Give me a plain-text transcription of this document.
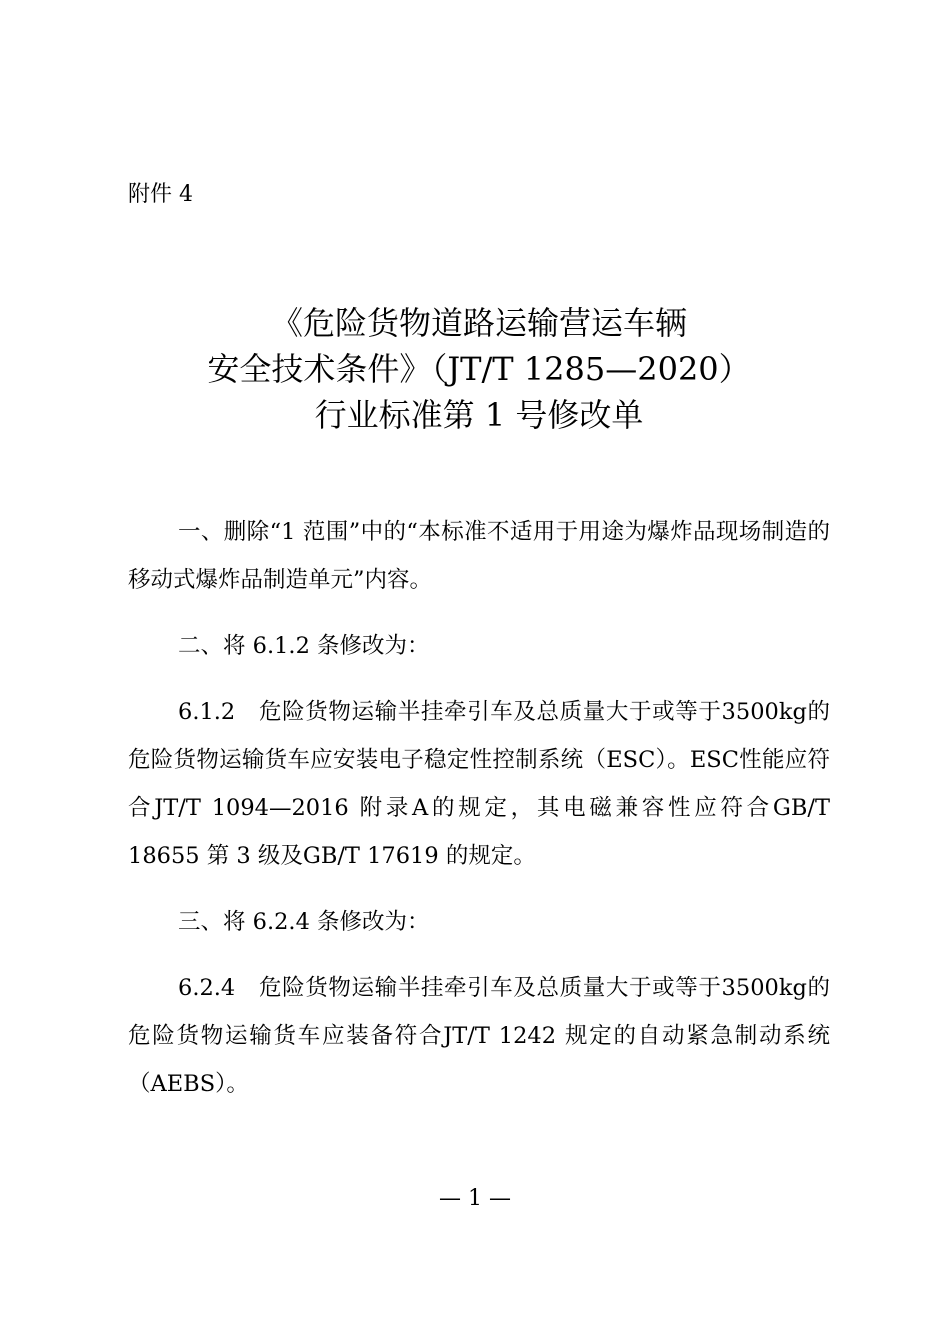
附件 4
《危险货物道路运输营运车辆
安全技术条件》（JT/T 1285—2020）
行业标准第 1 号修改单

一、删除“1 范围”中的“本标准不适用于用途为爆炸品现场制造的移动式爆炸品制造单元”内容。

二、将 6.1.2 条修改为：

6.1.2　危险货物运输半挂牵引车及总质量大于或等于3500kg的危险货物运输货车应安装电子稳定性控制系统（ESC）。ESC性能应符合JT/T 1094—2016 附录A的规定，其电磁兼容性应符合GB/T 18655 第 3 级及GB/T 17619 的规定。

三、将 6.2.4 条修改为：

6.2.4　危险货物运输半挂牵引车及总质量大于或等于3500kg的危险货物运输货车应装备符合JT/T 1242 规定的自动紧急制动系统（AEBS）。

— 1 —
